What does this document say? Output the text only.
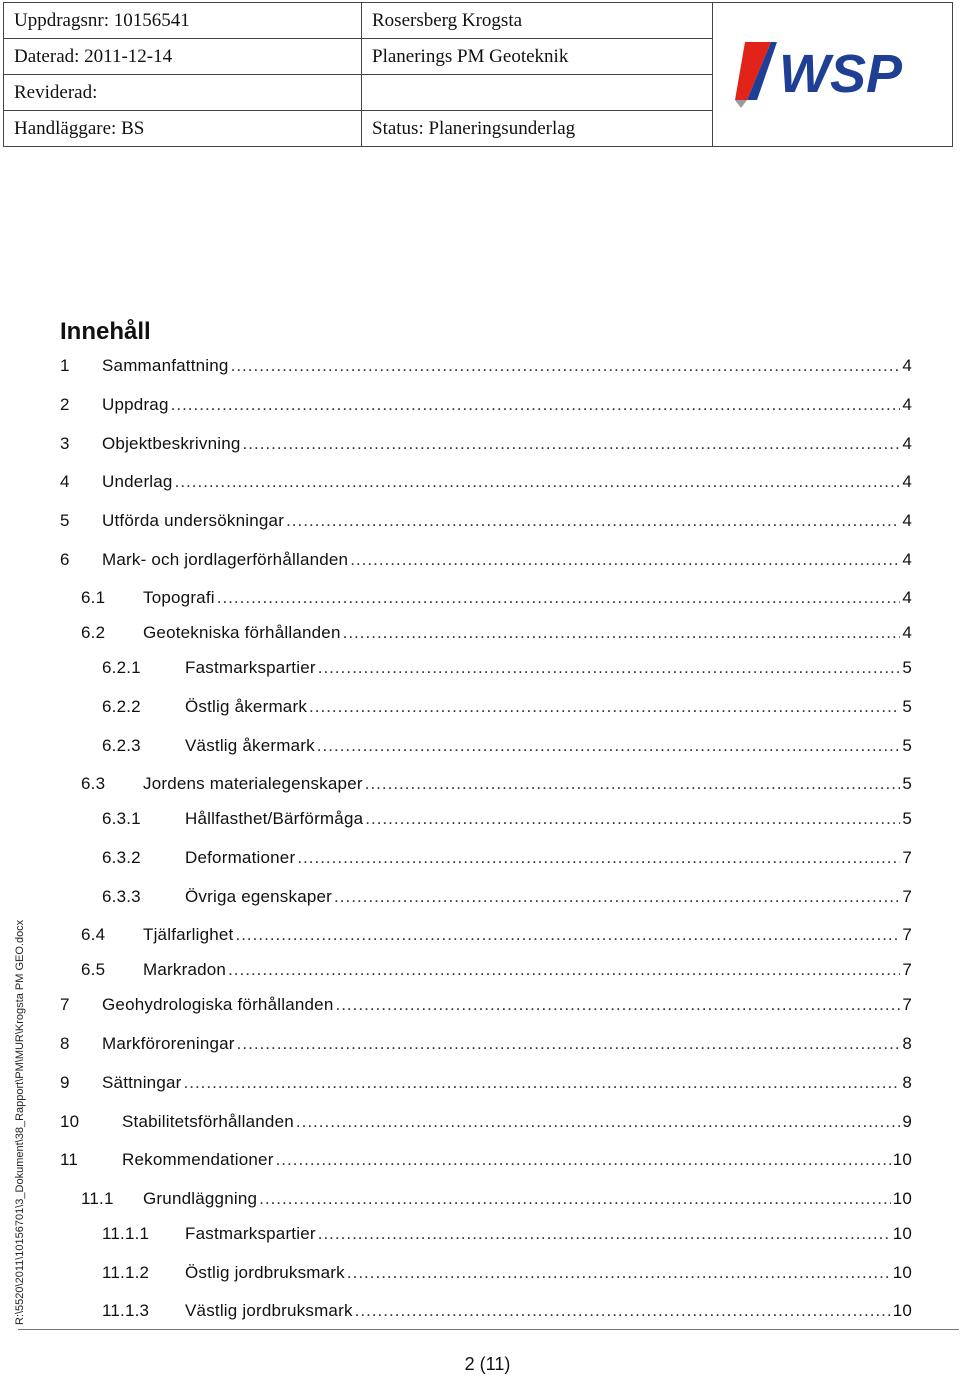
Uppdragsnr: 10156541	Rosersberg Krogsta	WSP

Daterad: 2011-12-14	Planerings PM Geoteknik	
Reviderad:		
Handläggare: BS	Status: Planeringsunderlag	
R:\5520\2011\10156701\3_Dokument\38_Rapport\PM\MUR\Krogsta PM GEO.docx
Innehåll
1	Sammanfattning .....	4
2	Uppdrag .....	4
3	Objektbeskrivning .....	4
4	Underlag .....	4
5	Utförda undersökningar .....	4
6	Mark- och jordlagerförhållanden .....	4
6.1	Topografi .....	4
6.2	Geotekniska förhållanden .....	4
6.2.1	Fastmarkspartier .....	5
6.2.2	Östlig åkermark .....	5
6.2.3	Västlig åkermark .....	5
6.3	Jordens materialegenskaper .....	5
6.3.1	Hållfasthet/Bärförmåga .....	5
6.3.2	Deformationer .....	7
6.3.3	Övriga egenskaper .....	7
6.4	Tjälfarlighet .....	7
6.5	Markradon .....	7
7	Geohydrologiska förhållanden .....	7
8	Markföroreningar .....	8
9	Sättningar .....	8
10	Stabilitetsförhållanden .....	9
11	Rekommendationer .....	10
11.1	Grundläggning .....	10
11.1.1	Fastmarkspartier .....	10
11.1.2	Östlig jordbruksmark .....	10
11.1.3	Västlig jordbruksmark .....	10
2 (11)
